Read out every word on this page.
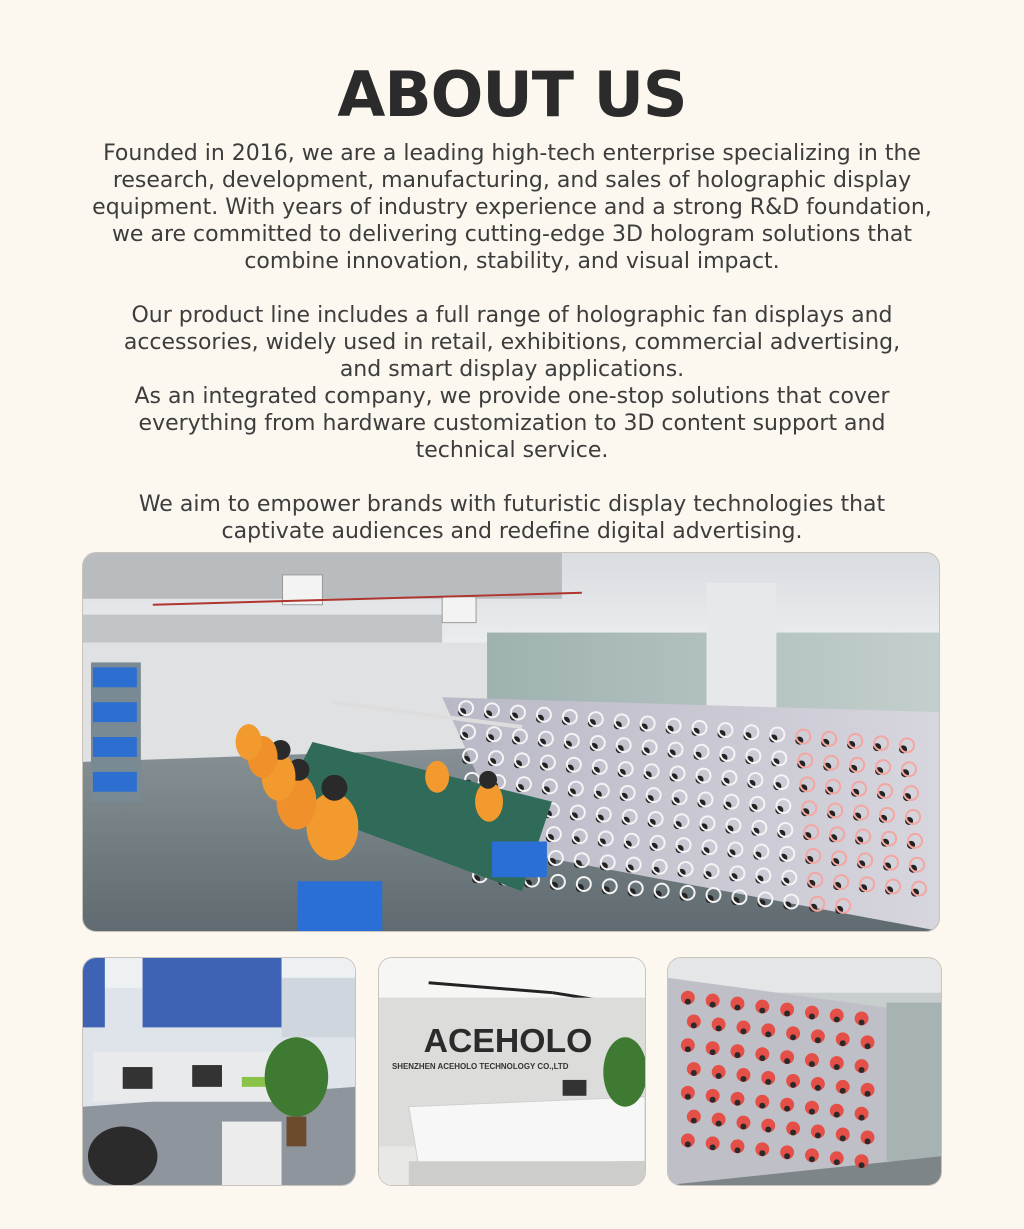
ABOUT US

Founded in 2016, we are a leading high-tech enterprise specializing in the

research, development, manufacturing, and sales of holographic display

equipment. With years of industry experience and a strong R&D foundation,

we are committed to delivering cutting-edge 3D hologram solutions that

combine innovation, stability, and visual impact.

Our product line includes a full range of holographic fan displays and

accessories, widely used in retail, exhibitions, commercial advertising,

and smart display applications.

As an integrated company, we provide one-stop solutions that cover

everything from hardware customization to 3D content support and

technical service.

We aim to empower brands with futuristic display technologies that

captivate audiences and redefine digital advertising.

ACEHOLO
SHENZHEN ACEHOLO TECHNOLOGY CO.,LTD
